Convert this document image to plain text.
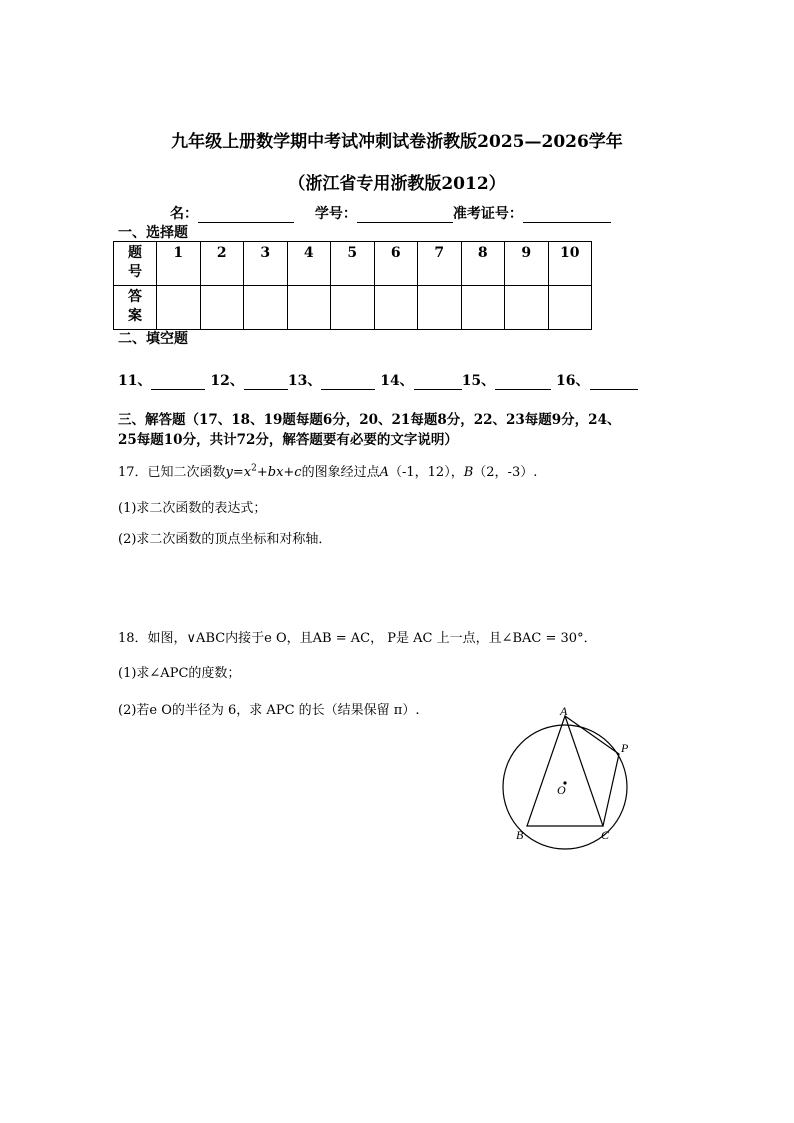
九年级上册数学期中考试冲刺试卷浙教版2025—2026学年
（浙江省专用浙教版2012）
名：	学号：	准考证号：
一、选择题
题
号	1	2	3	4	5	6	7	8	9	10
答
案										
二、填空题
11、	12、	13、	14、	15、	16、
三、解答题（17、18、19题每题6分，20、21每题8分，22、23每题9分，24、
25每题10分，共计72分，解答题要有必要的文字说明）
17．已知二次函数$y=x^2+bx+c$的图象经过点A（-1，12），B（2，-3）.
(1)求二次函数的表达式；
(2)求二次函数的顶点坐标和对称轴．
18．如图，∨ABC内接于e O，且AB = AC， P是 AC 上一点，且∠BAC = 30°．
(1)求∠APC的度数；
(2)若e O的半径为 6，求 APC 的长（结果保留 π）.	A
P
O
B	C
